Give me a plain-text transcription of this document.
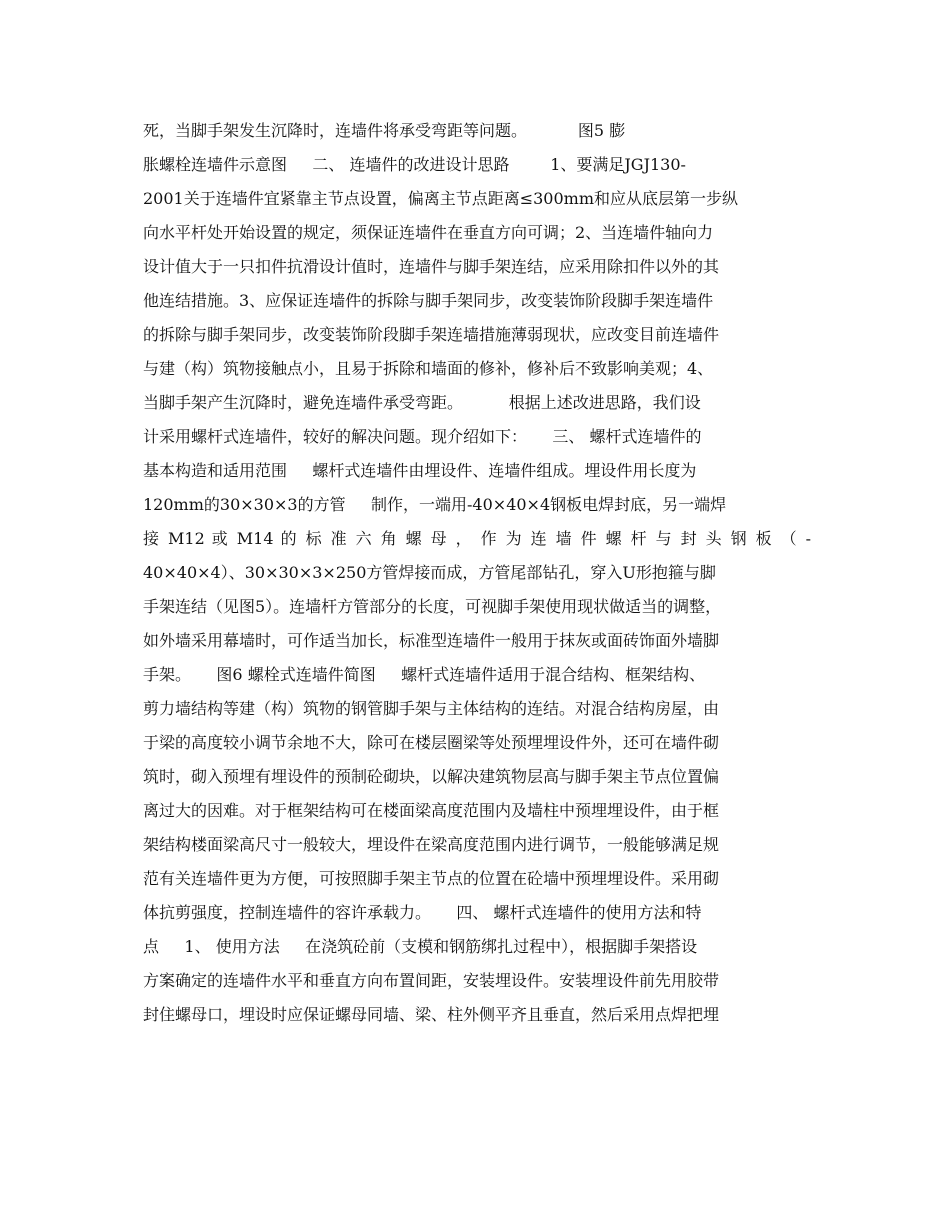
死，当脚手架发生沉降时，连墙件将承受弯距等问题。          图5 膨
胀螺栓连墙件示意图     二、 连墙件的改进设计思路        1、要满足JGJ130-
2001关于连墙件宜紧靠主节点设置，偏离主节点距离≤300mm和应从底层第一步纵
向水平杆处开始设置的规定，须保证连墙件在垂直方向可调；2、当连墙件轴向力
设计值大于一只扣件抗滑设计值时，连墙件与脚手架连结，应采用除扣件以外的其
他连结措施。3、应保证连墙件的拆除与脚手架同步，改变装饰阶段脚手架连墙件
的拆除与脚手架同步，改变装饰阶段脚手架连墙措施薄弱现状，应改变目前连墙件
与建（构）筑物接触点小，且易于拆除和墙面的修补，修补后不致影响美观；4、
当脚手架产生沉降时，避免连墙件承受弯距。         根据上述改进思路，我们设
计采用螺杆式连墙件，较好的解决问题。现介绍如下：     三、 螺杆式连墙件的
基本构造和适用范围     螺杆式连墙件由埋设件、连墙件组成。埋设件用长度为
120mm的30×30×3的方管     制作，一端用-40×40×4钢板电焊封底，另一端焊
接 M12 或 M14 的 标 准 六 角 螺 母 ， 作 为 连 墙 件 螺 杆 与 封 头 钢 板 （ -
40×40×4）、30×30×3×250方管焊接而成，方管尾部钻孔，穿入U形抱箍与脚
手架连结（见图5）。连墙杆方管部分的长度，可视脚手架使用现状做适当的调整，
如外墙采用幕墙时，可作适当加长，标准型连墙件一般用于抹灰或面砖饰面外墙脚
手架。     图6 螺栓式连墙件简图     螺杆式连墙件适用于混合结构、框架结构、
剪力墙结构等建（构）筑物的钢管脚手架与主体结构的连结。对混合结构房屋，由
于梁的高度较小调节余地不大，除可在楼层圈梁等处预埋埋设件外，还可在墙件砌
筑时，砌入预埋有埋设件的预制砼砌块，以解决建筑物层高与脚手架主节点位置偏
离过大的因难。对于框架结构可在楼面梁高度范围内及墙柱中预埋埋设件，由于框
架结构楼面梁高尺寸一般较大，埋设件在梁高度范围内进行调节，一般能够满足规
范有关连墙件更为方便，可按照脚手架主节点的位置在砼墙中预埋埋设件。采用砌
体抗剪强度，控制连墙件的容许承载力。     四、 螺杆式连墙件的使用方法和特
点     1、 使用方法     在浇筑砼前（支模和钢筋绑扎过程中），根据脚手架搭设
方案确定的连墙件水平和垂直方向布置间距，安装埋设件。安装埋设件前先用胶带
封住螺母口，埋设时应保证螺母同墙、梁、柱外侧平齐且垂直，然后采用点焊把埋
